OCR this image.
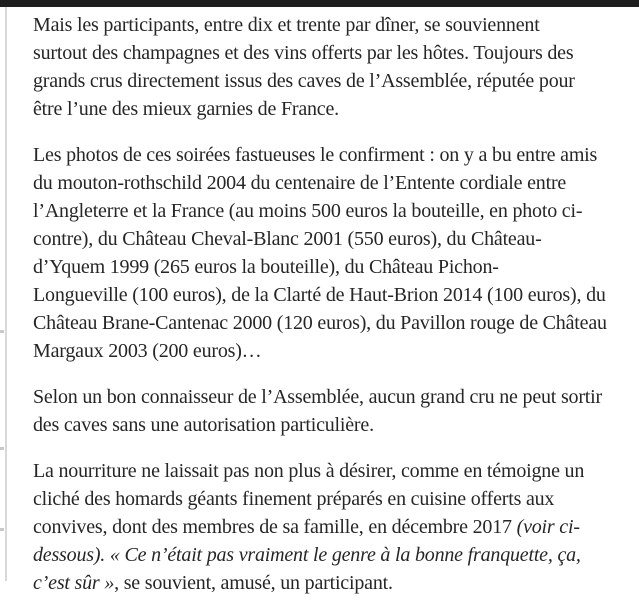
Mais les participants, entre dix et trente par dîner, se souviennent
surtout des champagnes et des vins offerts par les hôtes. Toujours des
grands crus directement issus des caves de l’Assemblée, réputée pour
être l’une des mieux garnies de France.
Les photos de ces soirées fastueuses le confirment : on y a bu entre amis
du mouton-rothschild 2004 du centenaire de l’Entente cordiale entre
l’Angleterre et la France (au moins 500 euros la bouteille, en photo ci-
contre), du Château Cheval-Blanc 2001 (550 euros), du Château-
d’Yquem 1999 (265 euros la bouteille), du Château Pichon-
Longueville (100 euros), de la Clarté de Haut-Brion 2014 (100 euros), du
Château Brane-Cantenac 2000 (120 euros), du Pavillon rouge de Château
Margaux 2003 (200 euros)…
Selon un bon connaisseur de l’Assemblée, aucun grand cru ne peut sortir
des caves sans une autorisation particulière.
La nourriture ne laissait pas non plus à désirer, comme en témoigne un
cliché des homards géants finement préparés en cuisine offerts aux
convives, dont des membres de sa famille, en décembre 2017 (voir ci-
dessous). « Ce n’était pas vraiment le genre à la bonne franquette, ça,
c’est sûr », se souvient, amusé, un participant.
